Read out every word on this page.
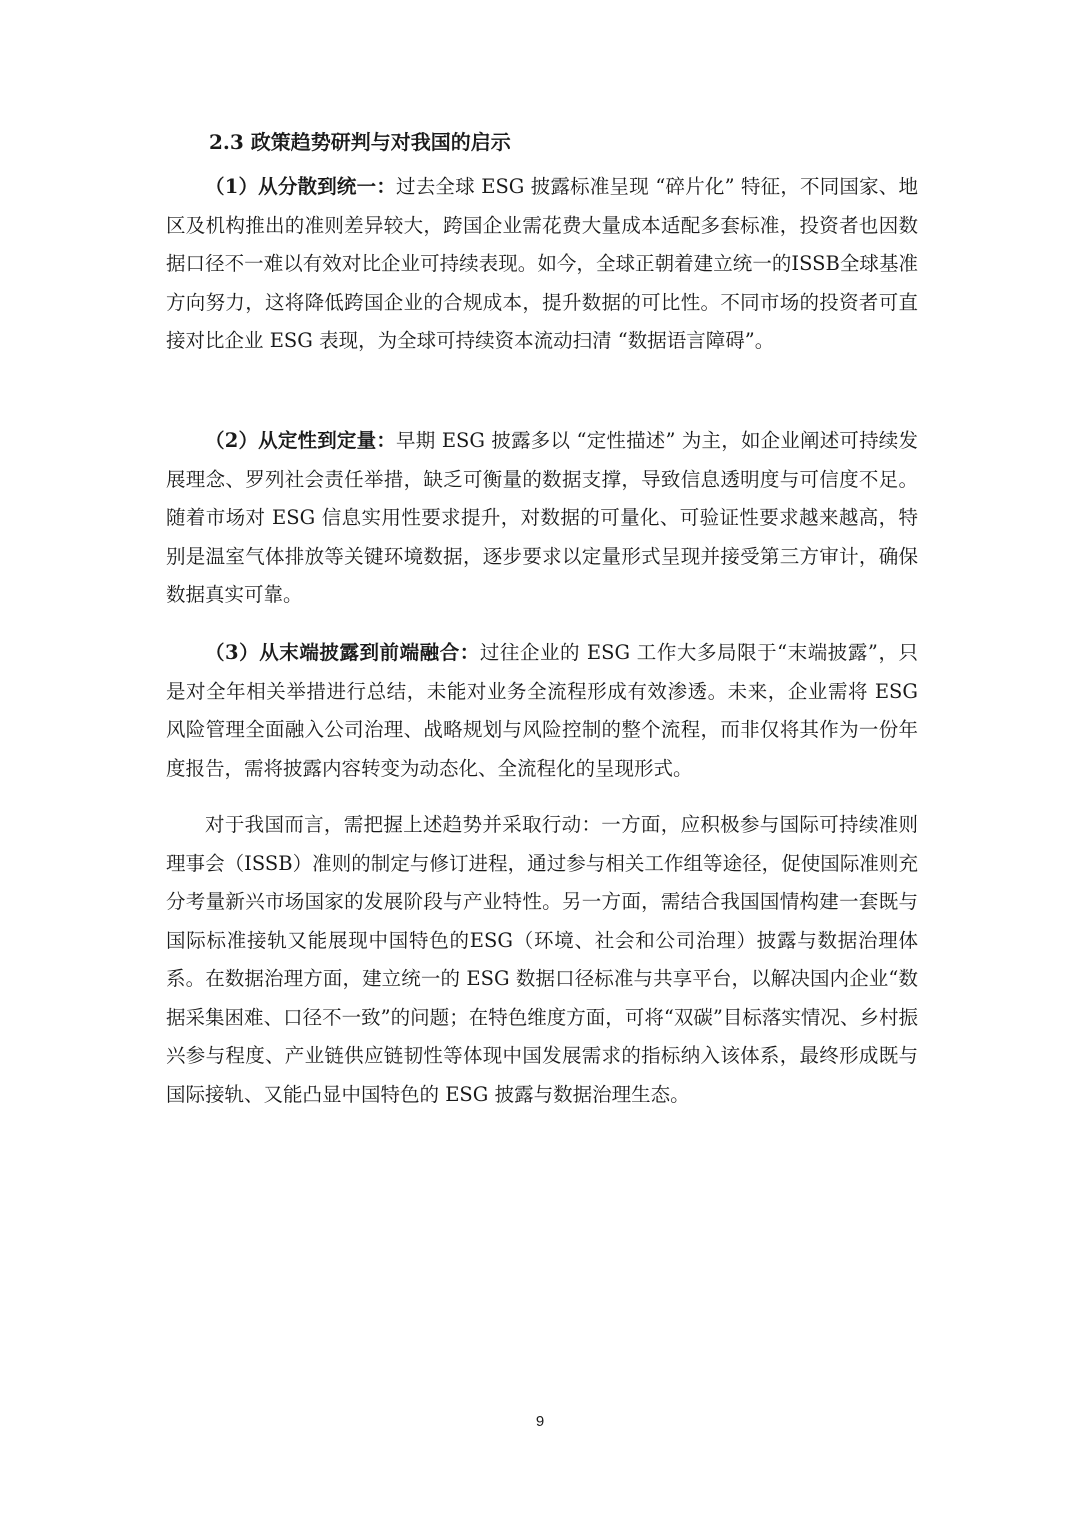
2.3 政策趋势研判与对我国的启示

（1）从分散到统一：过去全球 ESG 披露标准呈现 “碎片化” 特征，不同国家、地区及机构推出的准则差异较大，跨国企业需花费大量成本适配多套标准，投资者也因数据口径不一难以有效对比企业可持续表现。如今，全球正朝着建立统一的ISSB全球基准方向努力，这将降低跨国企业的合规成本，提升数据的可比性。不同市场的投资者可直接对比企业 ESG 表现，为全球可持续资本流动扫清 “数据语言障碍”。

（2）从定性到定量：早期 ESG 披露多以 “定性描述” 为主，如企业阐述可持续发展理念、罗列社会责任举措，缺乏可衡量的数据支撑，导致信息透明度与可信度不足。随着市场对 ESG 信息实用性要求提升，对数据的可量化、可验证性要求越来越高，特别是温室气体排放等关键环境数据，逐步要求以定量形式呈现并接受第三方审计，确保数据真实可靠。

（3）从末端披露到前端融合：过往企业的 ESG 工作大多局限于“末端披露”，只是对全年相关举措进行总结，未能对业务全流程形成有效渗透。未来，企业需将 ESG 风险管理全面融入公司治理、战略规划与风险控制的整个流程，而非仅将其作为一份年度报告，需将披露内容转变为动态化、全流程化的呈现形式。

对于我国而言，需把握上述趋势并采取行动：一方面，应积极参与国际可持续准则理事会（ISSB）准则的制定与修订进程，通过参与相关工作组等途径，促使国际准则充分考量新兴市场国家的发展阶段与产业特性。另一方面，需结合我国国情构建一套既与国际标准接轨又能展现中国特色的ESG（环境、社会和公司治理）披露与数据治理体系。在数据治理方面，建立统一的 ESG 数据口径标准与共享平台，以解决国内企业“数据采集困难、口径不一致”的问题；在特色维度方面，可将“双碳”目标落实情况、乡村振兴参与程度、产业链供应链韧性等体现中国发展需求的指标纳入该体系，最终形成既与国际接轨、又能凸显中国特色的 ESG 披露与数据治理生态。

9
